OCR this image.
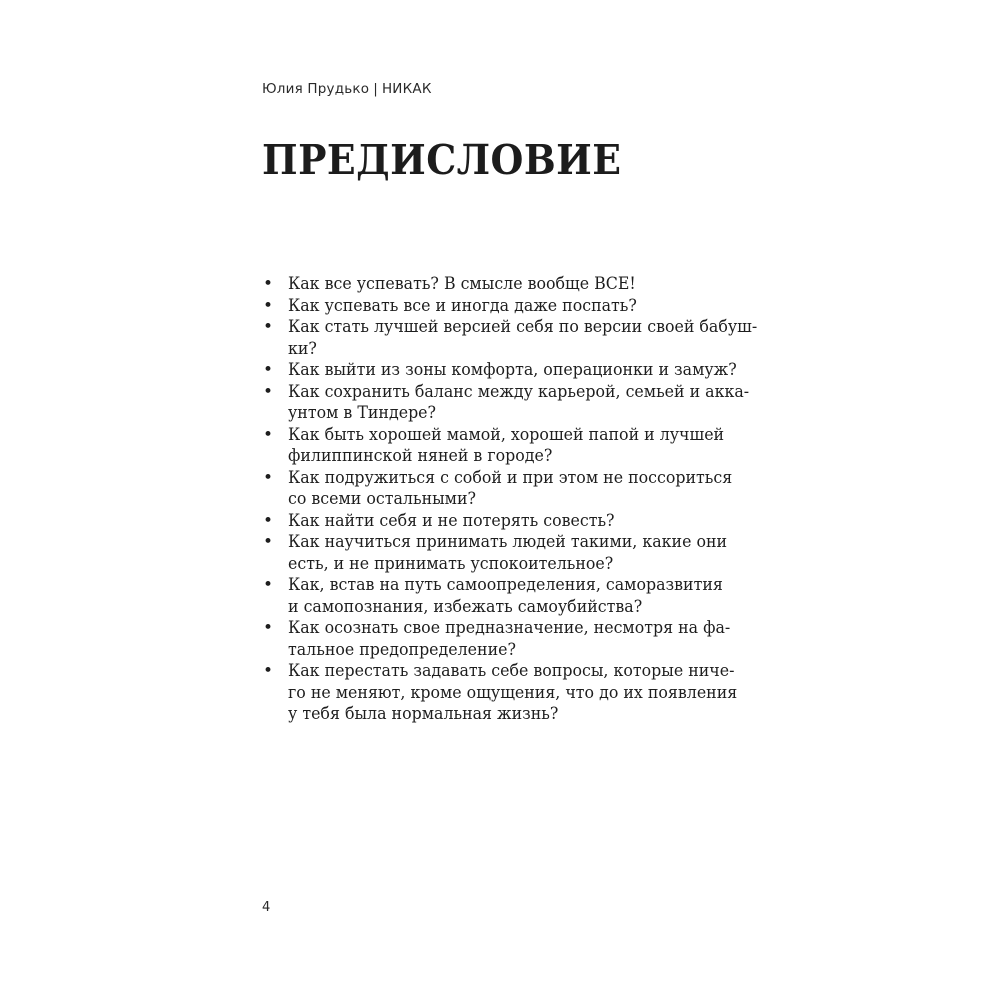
Юлия Прудько | НИКАК
ПРЕДИСЛОВИЕ
• Как все успевать? В смысле вообще ВСЕ!
• Как успевать все и иногда даже поспать?
• Как стать лучшей версией себя по версии своей бабуш-
ки?
• Как выйти из зоны комфорта, операционки и замуж?
• Как сохранить баланс между карьерой, семьей и акка-
унтом в Тиндере?
• Как быть хорошей мамой, хорошей папой и лучшей
филиппинской няней в городе?
• Как подружиться с собой и при этом не поссориться
со всеми остальными?
• Как найти себя и не потерять совесть?
• Как научиться принимать людей такими, какие они
есть, и не принимать успокоительное?
• Как, встав на путь самоопределения, саморазвития
и самопознания, избежать самоубийства?
• Как осознать свое предназначение, несмотря на фа-
тальное предопределение?
• Как перестать задавать себе вопросы, которые ниче-
го не меняют, кроме ощущения, что до их появления
у тебя была нормальная жизнь?
4
